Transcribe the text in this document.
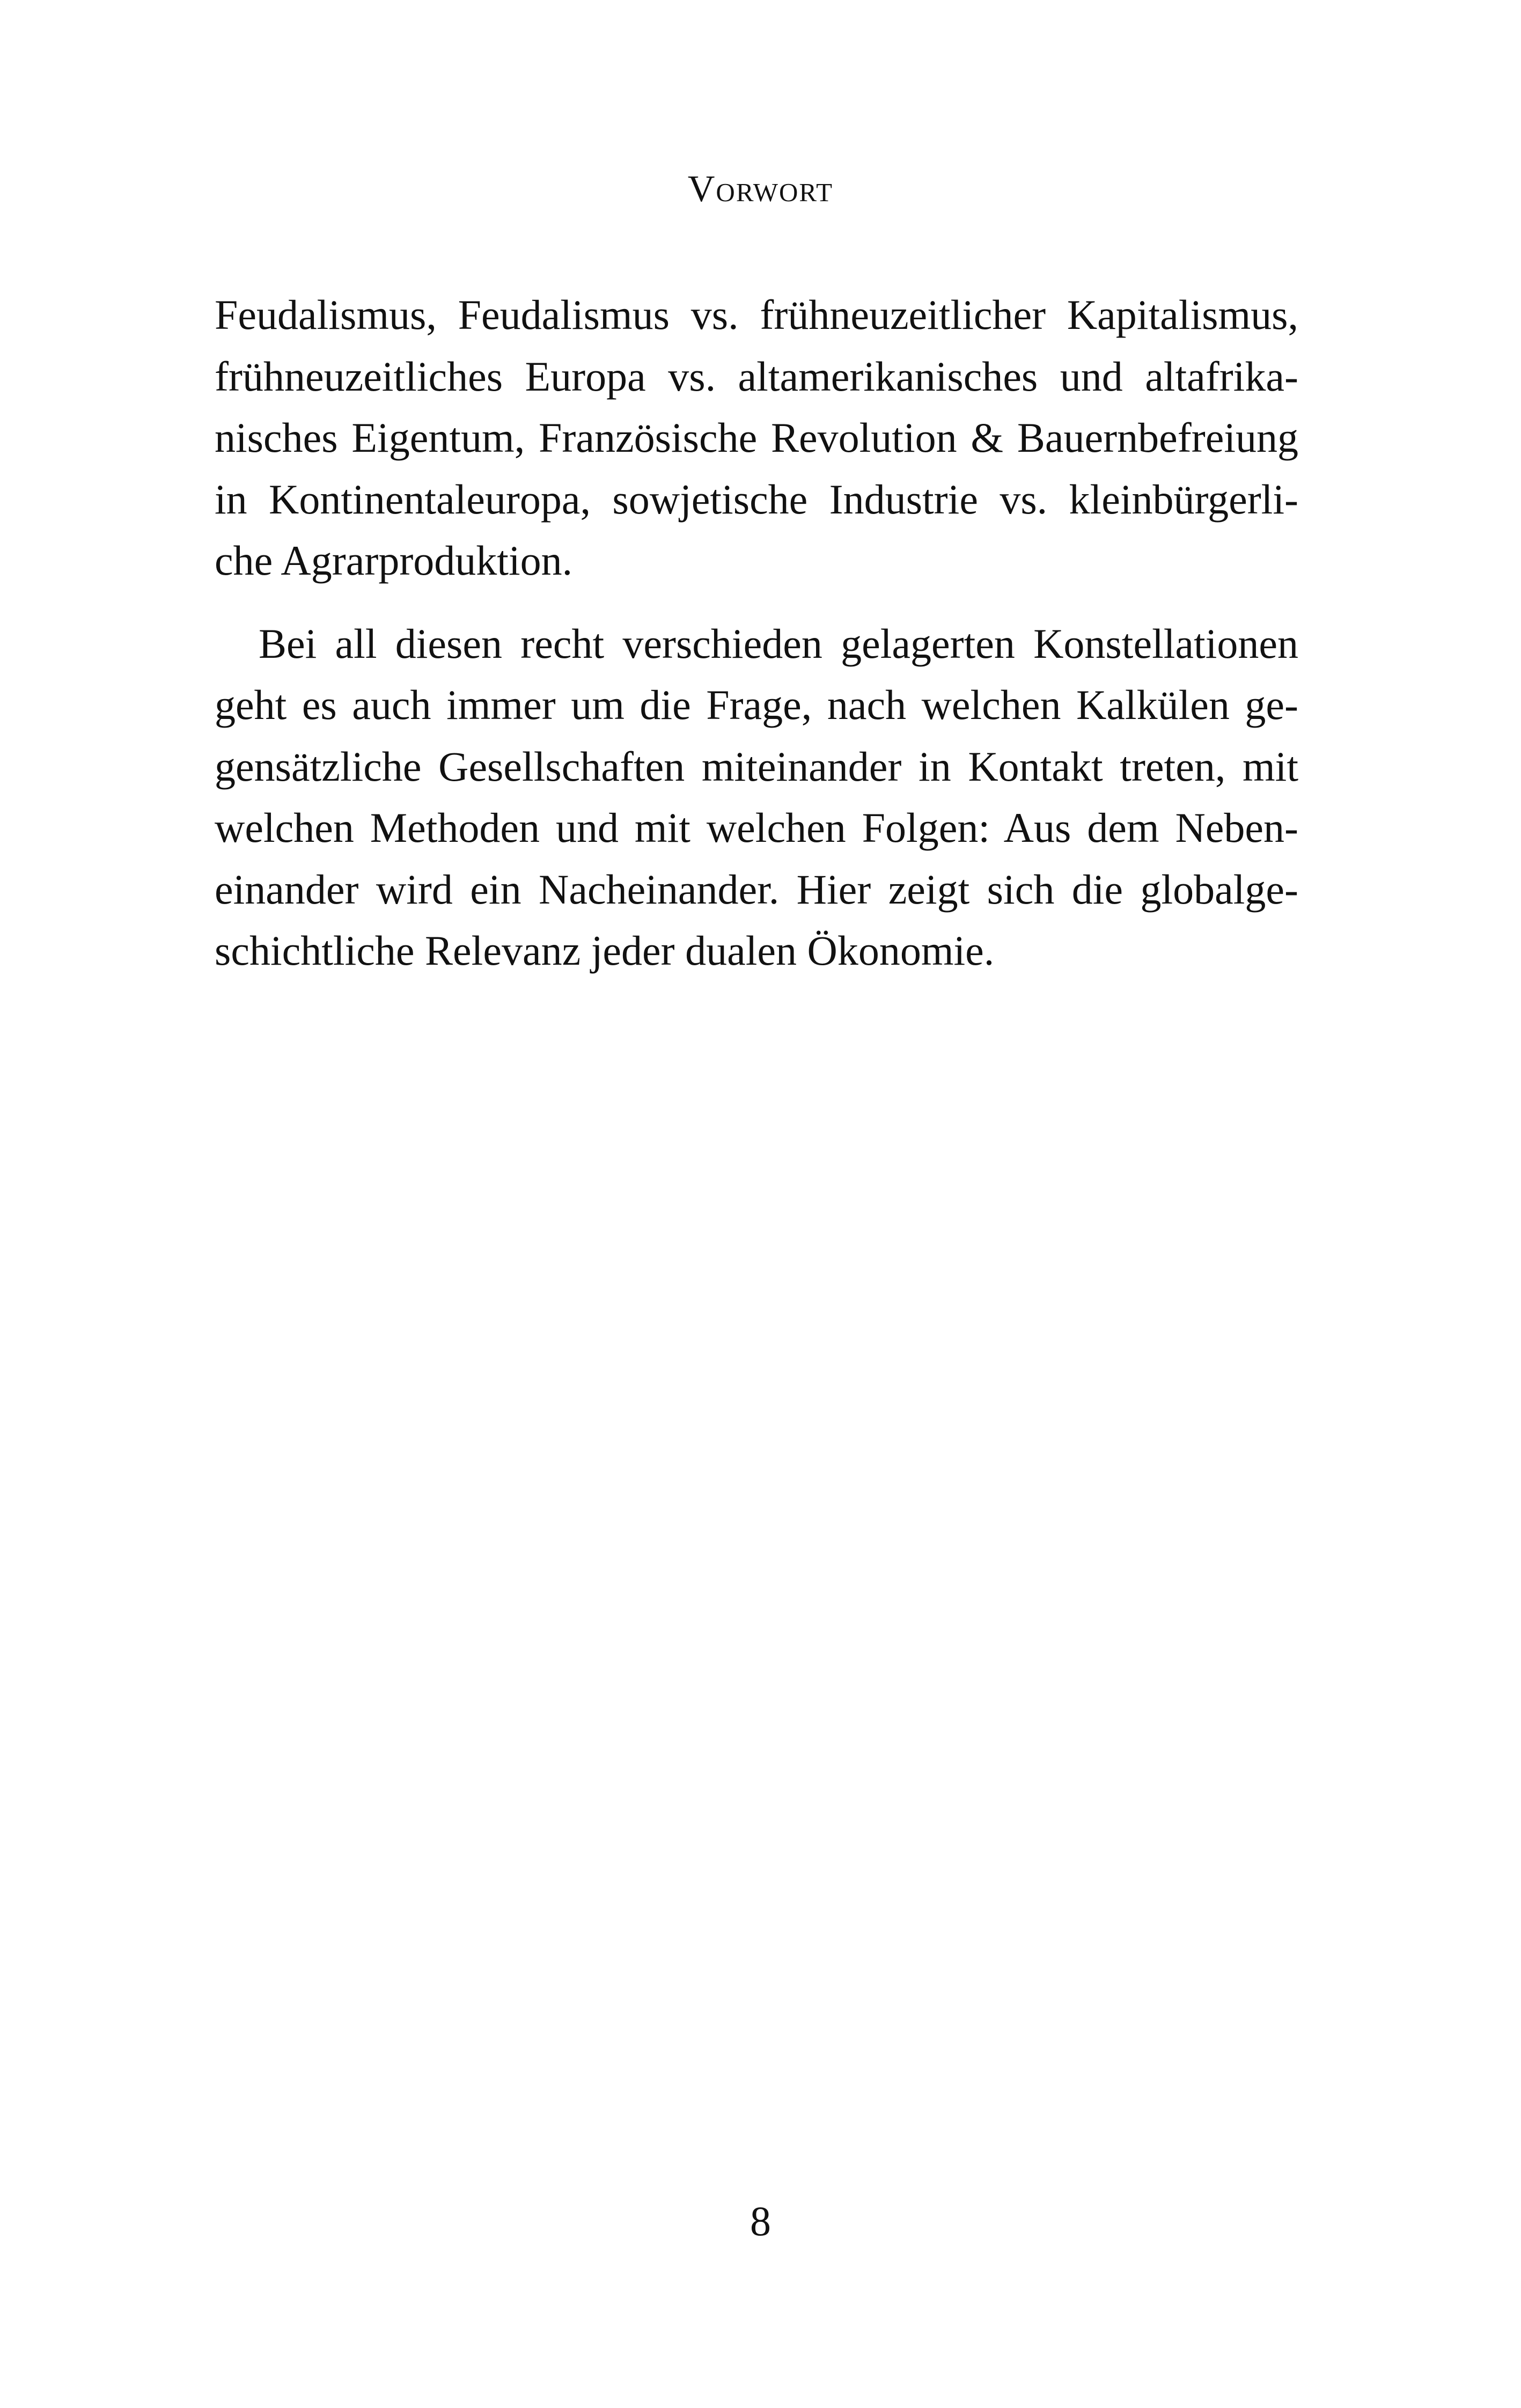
Vorwort
Feudalismus, Feudalismus vs. frühneuzeitlicher Kapitalismus,
frühneuzeitliches Europa vs. altamerikanisches und altafrika-
nisches Eigentum, Französische Revolution & Bauernbefreiung
in Kontinentaleuropa, sowjetische Industrie vs. kleinbürgerli-
che Agrarproduktion.
Bei all diesen recht verschieden gelagerten Konstellationen
geht es auch immer um die Frage, nach welchen Kalkülen ge-
gensätzliche Gesellschaften miteinander in Kontakt treten, mit
welchen Methoden und mit welchen Folgen: Aus dem Neben-
einander wird ein Nacheinander. Hier zeigt sich die globalge-
schichtliche Relevanz jeder dualen Ökonomie.
8
